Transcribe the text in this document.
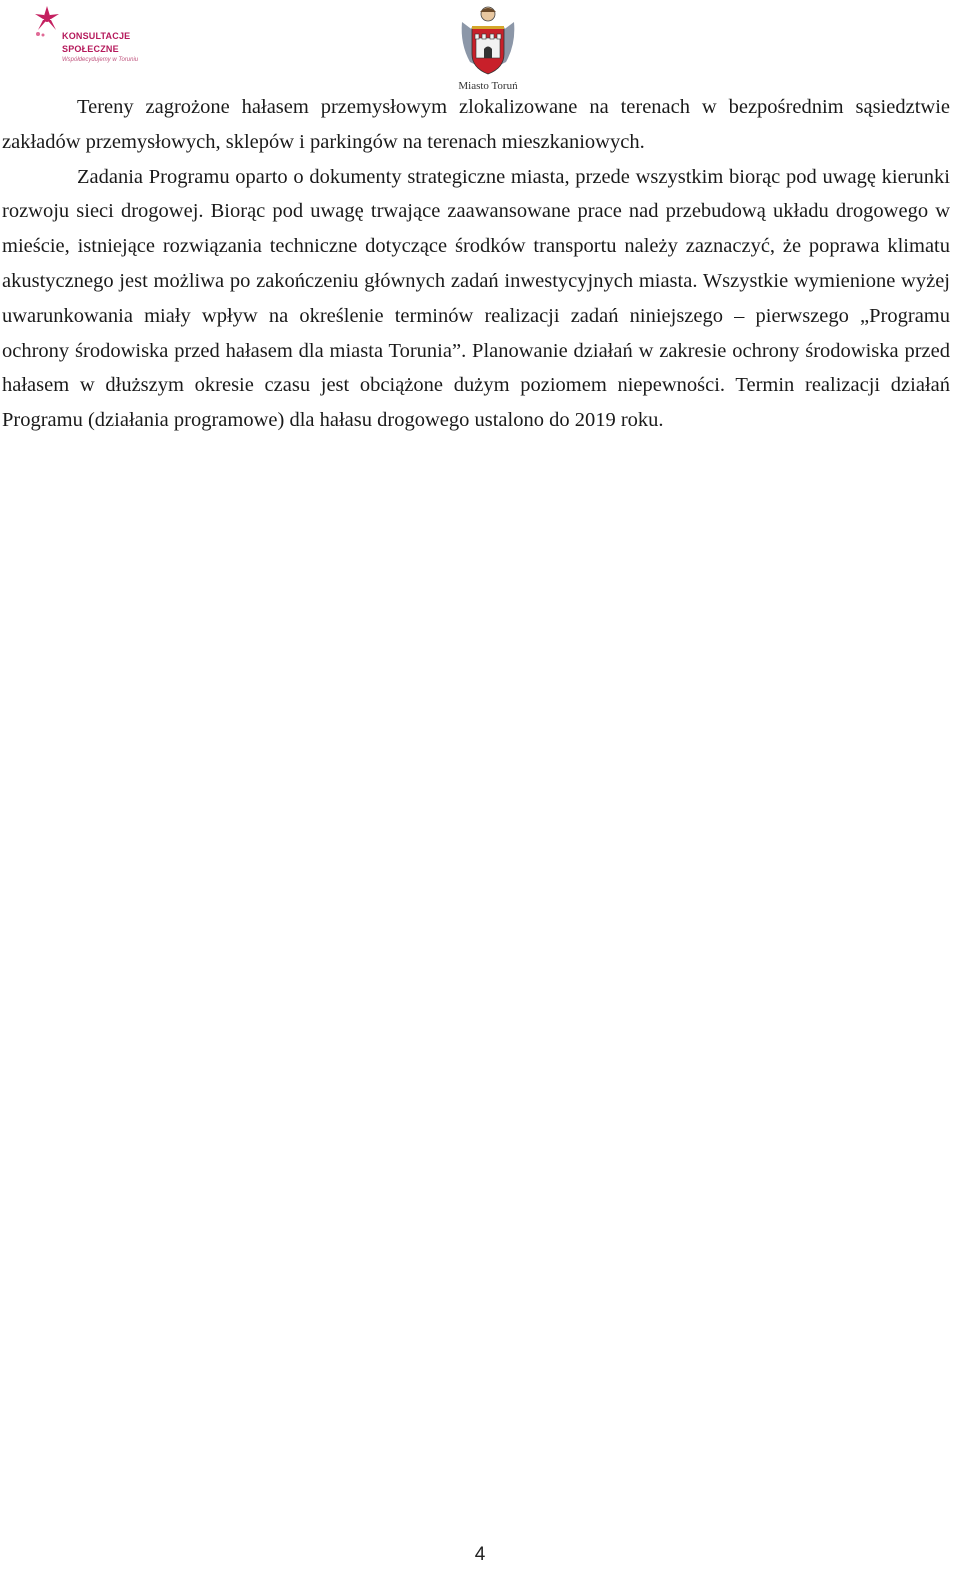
KONSULTACJE
SPOŁECZNE
Współdecydujemy w Toruniu
Miasto Toruń

Tereny zagrożone hałasem przemysłowym zlokalizowane na terenach w bezpośrednim sąsiedztwie zakładów przemysłowych, sklepów i parkingów na terenach mieszkaniowych.

Zadania Programu oparto o dokumenty strategiczne miasta, przede wszystkim biorąc pod uwagę kierunki rozwoju sieci drogowej. Biorąc pod uwagę trwające zaawansowane prace nad przebudową układu drogowego w mieście, istniejące rozwiązania techniczne dotyczące środków transportu należy zaznaczyć, że poprawa klimatu akustycznego jest możliwa po zakończeniu głównych zadań inwestycyjnych miasta. Wszystkie wymienione wyżej uwarunkowania miały wpływ na określenie terminów realizacji zadań niniejszego – pierwszego „Programu ochrony środowiska przed hałasem dla miasta Torunia”. Planowanie działań w zakresie ochrony środowiska przed hałasem w dłuższym okresie czasu jest obciążone dużym poziomem niepewności. Termin realizacji działań Programu (działania programowe) dla hałasu drogowego ustalono do 2019 roku.

4
